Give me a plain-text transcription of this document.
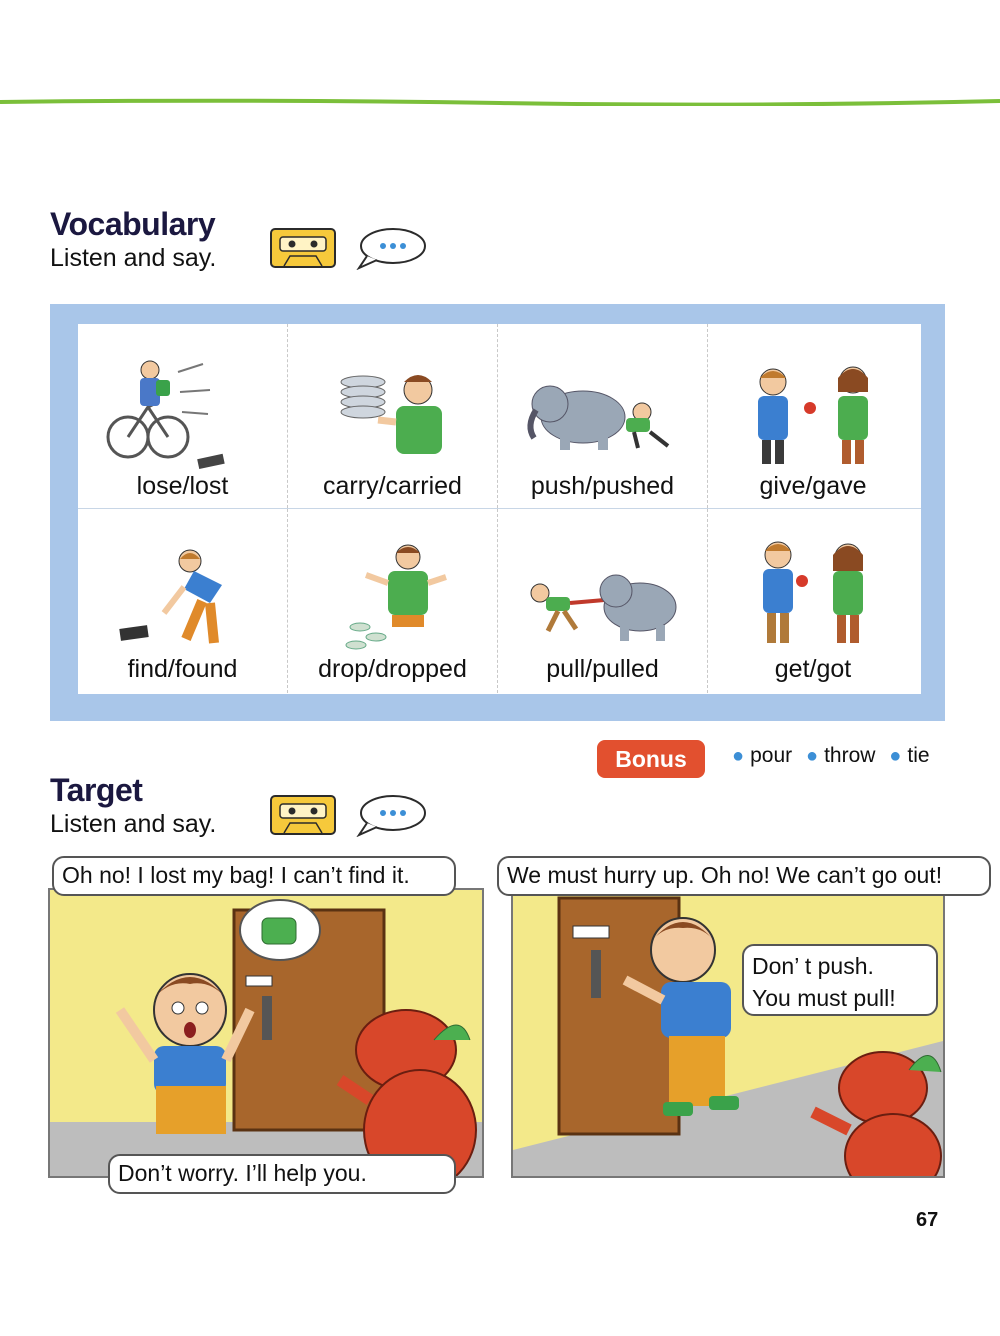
Vocabulary
Listen and say.
lose/lost	carry/carried	push/pushed	give/gave
find/found	drop/dropped	pull/pulled	get/got
Bonus	● pour ● throw ● tie
Target
Listen and say.
Oh no! I lost my bag! I can’t find it.
Don’t worry. I’ll help you.
We must hurry up. Oh no! We can’t go out!
Don’ t push.
You must pull!
67
